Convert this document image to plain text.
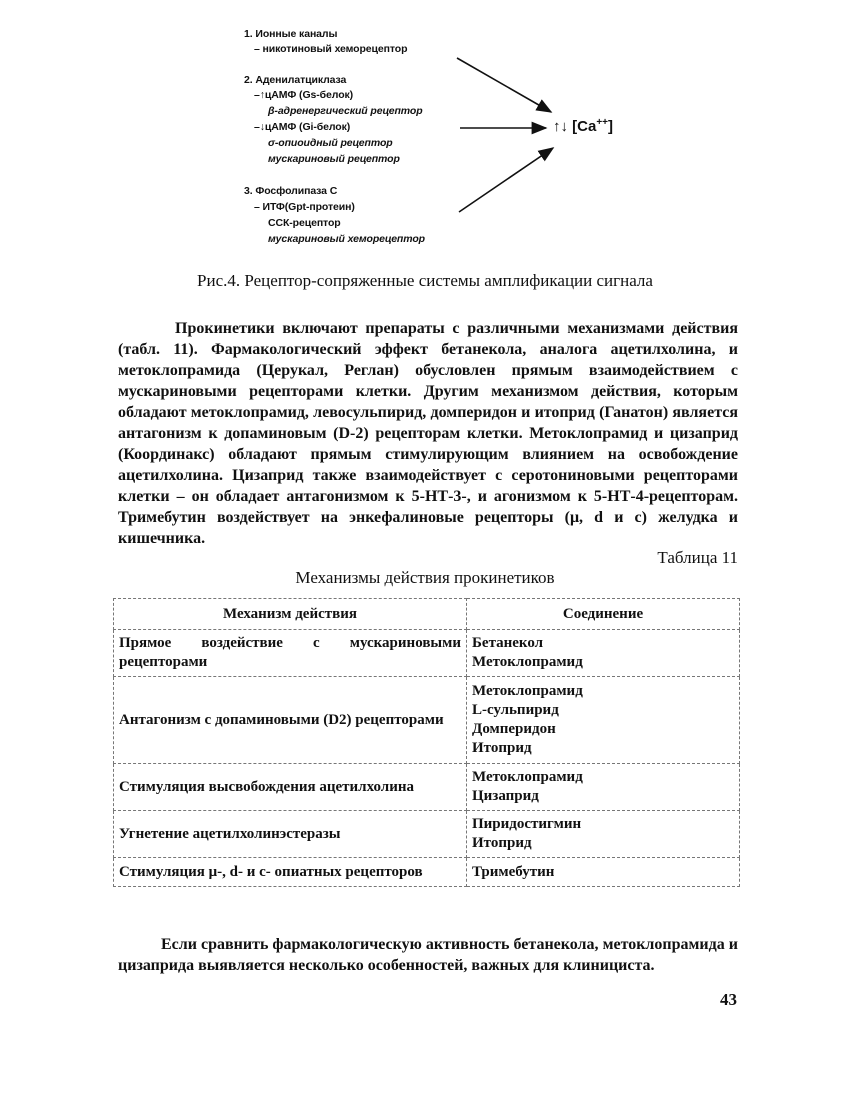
1. Ионные каналы
– никотиновый хеморецептор
2. Аденилатциклаза
–↑цАМФ (Gs-белок)
β-адренергический рецептор
–↓цАМФ (Gi-белок)
σ-опиоидный рецептор
мускариновый рецептор
3. Фосфолипаза С
– ИТФ(Gpt-протеин)
ССК-рецептор
мускариновый хеморецептор
↑↓ [Ca++]
Рис.4. Рецептор-сопряженные системы амплификации сигнала
Прокинетики включают препараты с различными механизмами действия (табл. 11). Фармакологический эффект бетанекола, аналога ацетилхолина, и метоклопрамида (Церукал, Реглан) обусловлен прямым взаимодействием с мускариновыми рецепторами клетки. Другим механизмом действия, которым обладают метоклопрамид, левосульпирид, домперидон и итоприд (Ганатон) является антагонизм к допаминовым (D-2) рецепторам клетки. Метоклопрамид и цизаприд (Координакс) обладают прямым стимулирующим влиянием на освобождение ацетилхолина. Цизаприд также взаимодействует с серотониновыми рецепторами клетки – он обладает антагонизмом к 5-НТ-3-, и агонизмом к 5-НТ-4-рецепторам. Тримебутин воздействует на энкефалиновые рецепторы (μ, d и с) желудка и кишечника.
Таблица 11
Механизмы действия прокинетиков
Механизм действия	Соединение
Прямое воздействие с мускариновыми рецепторами	Бетанекол
Метоклопрамид

Антагонизм с допаминовыми (D2) рецепторами	Метоклопрамид
L-сульпирид
Домперидон
Итоприд

Стимуляция высвобождения ацетилхолина	Метоклопрамид
Цизаприд

Угнетение ацетилхолинэстеразы	Пиридостигмин
Итоприд

Стимуляция μ-, d- и с- опиатных рецепторов	Тримебутин
Если сравнить фармакологическую активность бетанекола, метоклопрамида и цизаприда выявляется несколько особенностей, важных для клинициста.
43
